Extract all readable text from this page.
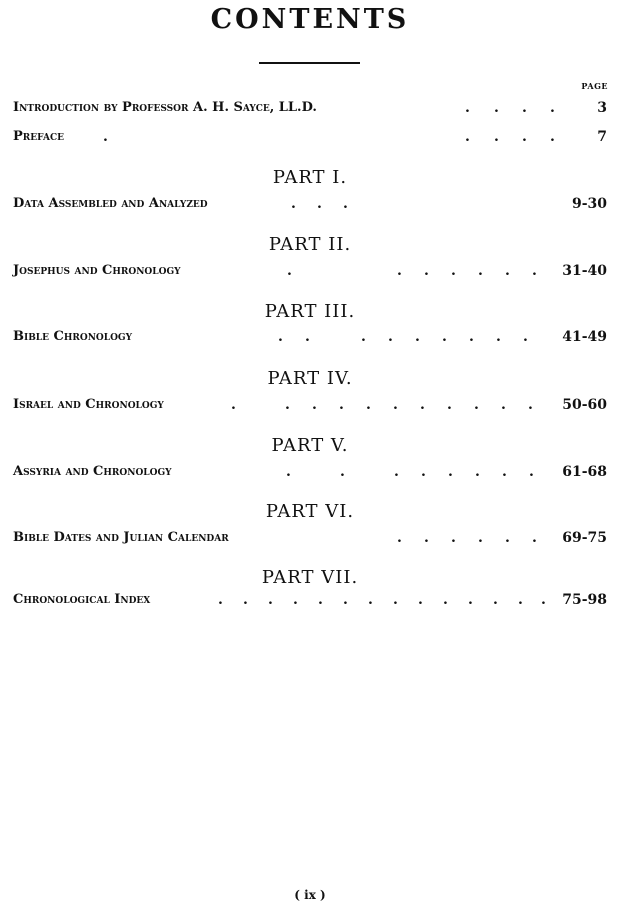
CONTENTS
PAGE
Introduction by Professor A. H. Sayce, LL.D.	. . . .	3
Preface	.	. . . .	7
PART I.
Data Assembled and Analyzed	. . .	9-30
PART II.
Josephus and Chronology	.	. . . . . . 31-40
PART III.
Bible Chronology	. .	. . . . . . . 41-49
PART IV.
Israel and Chronology	.	. . . . . . . . . . 50-60
PART V.
Assyria and Chronology	.	.	. . . . . . 61-68
PART VI.
Bible Dates and Julian Calendar	. . . . . . 69-75
PART VII.
Chronological Index	. . . . . . . . . . . . . . 75-98
( ix )
